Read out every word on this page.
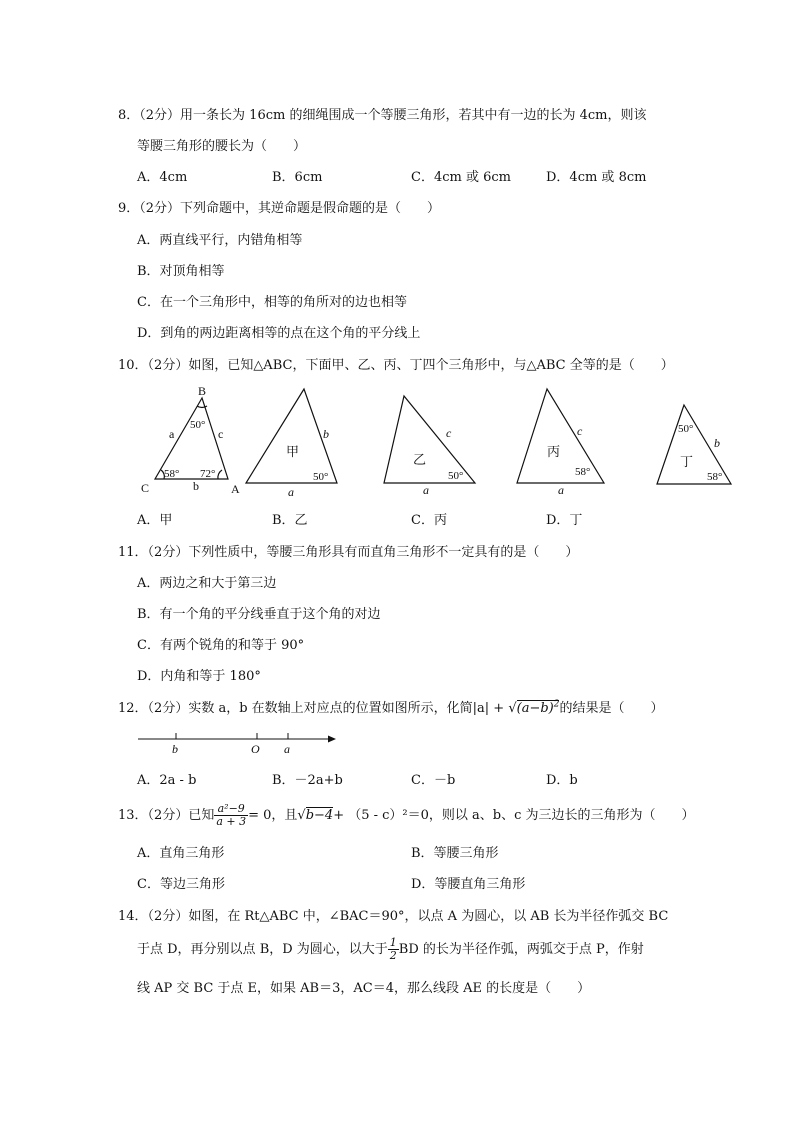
8．（2分）用一条长为 16cm 的细绳围成一个等腰三角形，若其中有一边的长为 4cm，则该
等腰三角形的腰长为（　　）
A．4cm	B．6cm	C．4cm 或 6cm	D．4cm 或 8cm
9．（2分）下列命题中，其逆命题是假命题的是（　　）
A．两直线平行，内错角相等
B．对顶角相等
C．在一个三角形中，相等的角所对的边也相等
D．到角的两边距离相等的点在这个角的平分线上
10．（2分）如图，已知△ABC，下面甲、乙、丙、丁四个三角形中，与△ABC 全等的是（　　）
B
C	A
a	c
b
50°
58° 72°
甲
b
a
50°
乙
c
a
50°
丙
c
a
58°
丁
b
50°
58°
A．甲	B．乙	C．丙	D．丁
11．（2分）下列性质中，等腰三角形具有而直角三角形不一定具有的是（　　）
A．两边之和大于第三边
B．有一个角的平分线垂直于这个角的对边
C．有两个锐角的和等于 90°
D．内角和等于 180°
12．（2分）实数 a，b 在数轴上对应点的位置如图所示，化简$|a| + √(a-b)^2$的结果是（　　）
b	O a
A．2a - b	B．－2a+b	C．－b	D．b
13．（2分）已知 $\frac{\text{a²−9}}{a + 3} = 0$，且√b−4+ （5 - c）²＝0，则以 a、b、c 为三边长的三角形为（　　）
A．直角三角形	B．等腰三角形
C．等边三角形	D．等腰直角三角形
14．（2分）如图，在 Rt△ABC 中，∠BAC＝90°，以点 A 为圆心，以 AB 长为半径作弧交 BC
于点 D，再分别以点 B，D 为圆心，以大于 $\frac{1}{2}$ BD 的长为半径作弧，两弧交于点 P，作射
线 AP 交 BC 于点 E，如果 AB＝3，AC＝4，那么线段 AE 的长度是（　　）
